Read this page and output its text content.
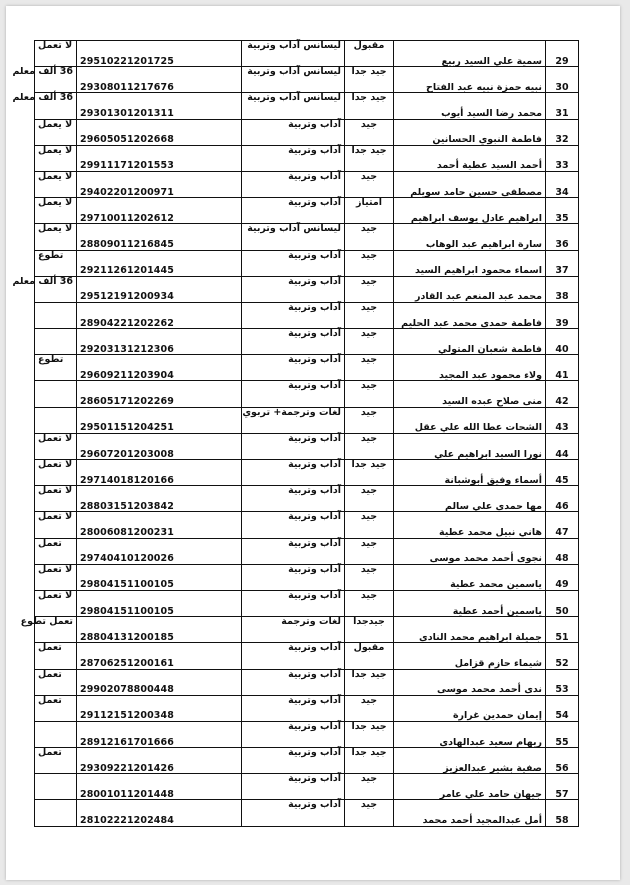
29	سمية علي السيد ربيع	مقبول	ليسانس آداب وتربية	29510221201725	لا تعمل
30	نبيه حمزة نبيه عبد الفتاح	جيد جدا	ليسانس آداب وتربية	29308011217676	36 ألف معلم
31	محمد رضا السيد أيوب	جيد جدا	ليسانس آداب وتربية	29301301201311	36 ألف معلم
32	فاطمة النبوي الحسانين	جيد	آداب وتربية	29605051202668	لا يعمل
33	أحمد السيد عطية أحمد	جيد جدا	آداب وتربية	29911171201553	لا يعمل
34	مصطفى حسين حامد سويلم	جيد	آداب وتربية	29402201200971	لا يعمل
35	ابراهيم عادل يوسف ابراهيم	امتياز	آداب وتربية	29710011202612	لا يعمل
36	سارة ابراهيم عبد الوهاب	جيد	ليسانس آداب وتربية	28809011216845	لا يعمل
37	اسماء محمود ابراهيم السيد	جيد	آداب وتربية	29211261201445	تطوع
38	محمد عبد المنعم عبد القادر	جيد	آداب وتربية	29512191200934	36 ألف معلم
39	فاطمة حمدي محمد عبد الحليم	جيد	آداب وتربية	28904221202262	
40	فاطمة شعبان المتولي	جيد	آداب وتربية	29203131212306	
41	ولاء محمود عبد المجيد	جيد	آداب وتربية	29609211203904	تطوع
42	منى صلاح عبده السيد	جيد	آداب وتربية	28605171202269	
43	الشحات عطا الله علي عقل	جيد	لغات وترجمة+ تربوي	29501151204251	
44	نورا السيد ابراهيم علي	جيد	آداب وتربية	29607201203008	لا تعمل
45	أسماء وفيق أبوشبانة	جيد جدا	آداب وتربية	29714018120166	لا تعمل
46	مها حمدي علي سالم	جيد	آداب وتربية	28803151203842	لا تعمل
47	هاني نبيل محمد عطية	جيد	آداب وتربية	28006081200231	لا تعمل
48	نجوى أحمد محمد موسى	جيد	آداب وتربية	29740410120026	تعمل
49	ياسمين محمد عطية	جيد	آداب وتربية	29804151100105	لا تعمل
50	ياسمين أحمد عطية	جيد	آداب وتربية	29804151100105	لا تعمل
51	جميلة ابراهيم محمد النادي	جيدجدا	لغات وترجمة	28804131200185	تعمل تطوع
52	شيماء حازم قزامل	مقبول	آداب وتربية	28706251200161	تعمل
53	ندى أحمد محمد موسى	جيد جدا	آداب وتربية	29902078800448	تعمل
54	إيمان حمدين غرارة	جيد	آداب وتربية	29112151200348	تعمل
55	ريهام سعيد عبدالهادي	جيد جدا	آداب وتربية	28912161701666	
56	صفية بشير عبدالعزيز	جيد جدا	آداب وتربية	29309221201426	تعمل
57	جيهان حامد علي عامر	جيد	آداب وتربية	28001011201448	
58	أمل عبدالمجيد أحمد محمد	جيد	آداب وتربية	28102221202484	
